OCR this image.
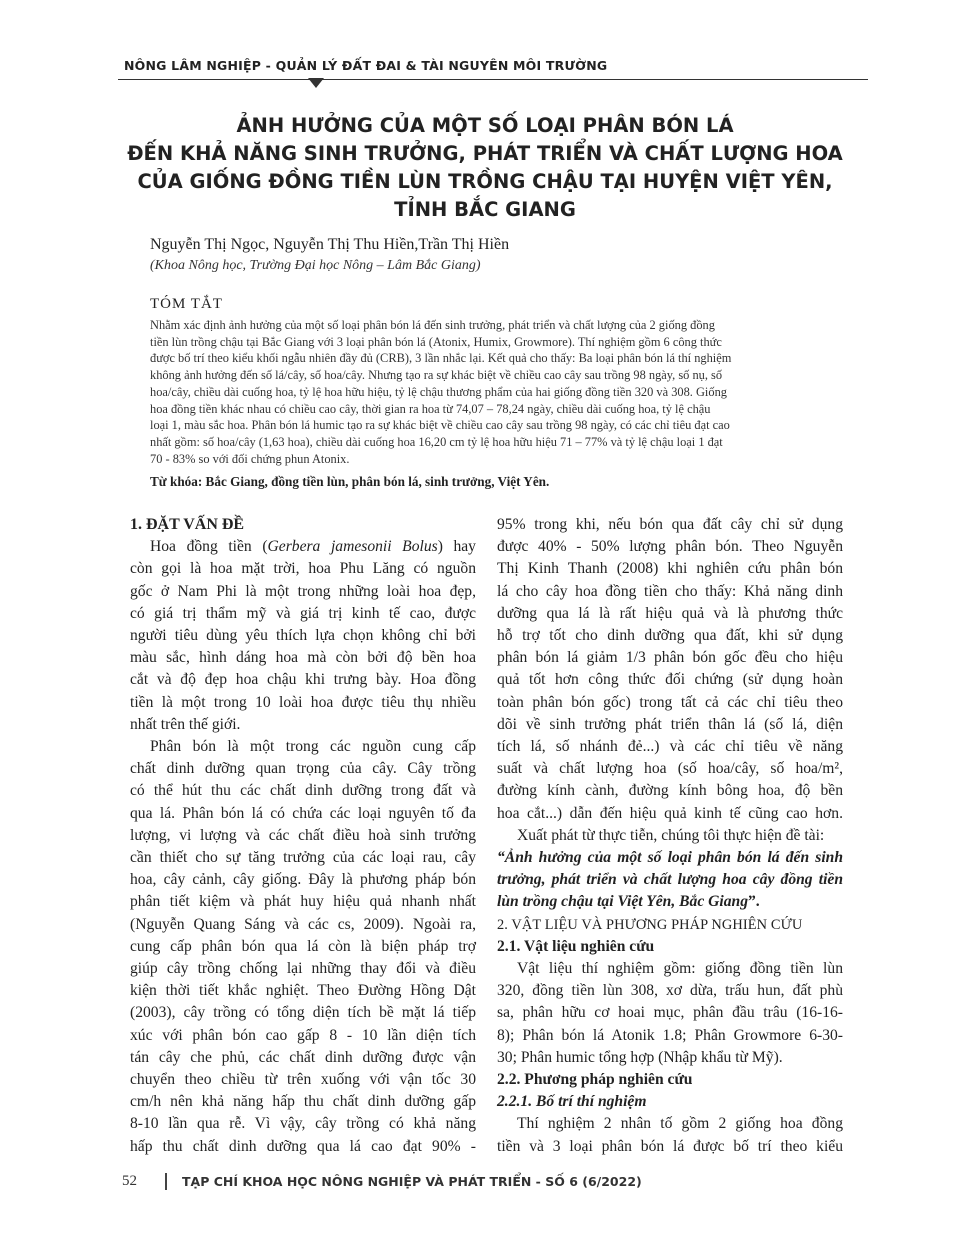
NÔNG LÂM NGHIỆP - QUẢN LÝ ĐẤT ĐAI & TÀI NGUYÊN MÔI TRƯỜNG
ẢNH HƯỞNG CỦA MỘT SỐ LOẠI PHÂN BÓN LÁ
ĐẾN KHẢ NĂNG SINH TRƯỞNG, PHÁT TRIỂN VÀ CHẤT LƯỢNG HOA
CỦA GIỐNG ĐỒNG TIỀN LÙN TRỒNG CHẬU TẠI HUYỆN VIỆT YÊN,
TỈNH BẮC GIANG
Nguyễn Thị Ngọc, Nguyễn Thị Thu Hiền,Trần Thị Hiền
(Khoa Nông học, Trường Đại học Nông – Lâm Bắc Giang)
TÓM TẮT
Nhằm xác định ảnh hưởng của một số loại phân bón lá đến sinh trưởng, phát triển và chất lượng của 2 giống đồng
tiền lùn trồng chậu tại Bắc Giang với 3 loại phân bón lá (Atonix, Humix, Growmore). Thí nghiệm gồm 6 công thức
được bố trí theo kiểu khối ngẫu nhiên đầy đủ (CRB), 3 lần nhắc lại. Kết quả cho thấy: Ba loại phân bón lá thí nghiệm
không ảnh hưởng đến số lá/cây, số hoa/cây. Nhưng tạo ra sự khác biệt về chiều cao cây sau trồng 98 ngày, số nụ, số
hoa/cây, chiều dài cuống hoa, tỷ lệ hoa hữu hiệu, tỷ lệ chậu thương phẩm của hai giống đồng tiền 320 và 308. Giống
hoa đồng tiền khác nhau có chiều cao cây, thời gian ra hoa từ 74,07 – 78,24 ngày, chiều dài cuống hoa, tỷ lệ chậu
loại 1, màu sắc hoa. Phân bón lá humic tạo ra sự khác biệt về chiều cao cây sau trồng 98 ngày, có các chỉ tiêu đạt cao
nhất gồm: số hoa/cây (1,63 hoa), chiều dài cuống hoa 16,20 cm tỷ lệ hoa hữu hiệu 71 – 77% và tỷ lệ chậu loại 1 đạt
70 - 83% so với đối chứng phun Atonix.
Từ khóa: Bắc Giang, đồng tiền lùn, phân bón lá, sinh trưởng, Việt Yên.
1. ĐẶT VẤN ĐỀ
Hoa đồng tiền (Gerbera jamesonii Bolus) hay
còn gọi là hoa mặt trời, hoa Phu Lăng có nguồn
gốc ở Nam Phi là một trong những loài hoa đẹp,
có giá trị thẩm mỹ và giá trị kinh tế cao, được
người tiêu dùng yêu thích lựa chọn không chỉ bởi
màu sắc, hình dáng hoa mà còn bởi độ bền hoa
cắt và độ đẹp hoa chậu khi trưng bày. Hoa đồng
tiền là một trong 10 loài hoa được tiêu thụ nhiều
nhất trên thế giới.
Phân bón là một trong các nguồn cung cấp
chất dinh dưỡng quan trọng của cây. Cây trồng
có thể hút thu các chất dinh dưỡng trong đất và
qua lá. Phân bón lá có chứa các loại nguyên tố đa
lượng, vi lượng và các chất điều hoà sinh trưởng
cần thiết cho sự tăng trưởng của các loại rau, cây
hoa, cây cảnh, cây giống. Đây là phương pháp bón
phân tiết kiệm và phát huy hiệu quả nhanh nhất
(Nguyễn Quang Sáng và các cs, 2009). Ngoài ra,
cung cấp phân bón qua lá còn là biện pháp trợ
giúp cây trồng chống lại những thay đổi và điều
kiện thời tiết khắc nghiệt. Theo Đường Hồng Dật
(2003), cây trồng có tổng diện tích bề mặt lá tiếp
xúc với phân bón cao gấp 8 - 10 lần diện tích
tán cây che phủ, các chất dinh dưỡng được vận
chuyển theo chiều từ trên xuống với vận tốc 30
cm/h nên khả năng hấp thu chất dinh dưỡng gấp
8-10 lần qua rễ. Vì vậy, cây trồng có khả năng
hấp thu chất dinh dưỡng qua lá cao đạt 90% -
95% trong khi, nếu bón qua đất cây chỉ sử dụng
được 40% - 50% lượng phân bón. Theo Nguyễn
Thị Kinh Thanh (2008) khi nghiên cứu phân bón
lá cho cây hoa đồng tiền cho thấy: Khả năng dinh
dưỡng qua lá là rất hiệu quả và là phương thức
hỗ trợ tốt cho dinh dưỡng qua đất, khi sử dụng
phân bón lá giảm 1/3 phân bón gốc đều cho hiệu
quả tốt hơn công thức đối chứng (sử dụng hoàn
toàn phân bón gốc) trong tất cả các chỉ tiêu theo
dõi về sinh trưởng phát triển thân lá (số lá, diện
tích lá, số nhánh đẻ...) và các chỉ tiêu về năng
suất và chất lượng hoa (số hoa/cây, số hoa/m²,
đường kính cành, đường kính bông hoa, độ bền
hoa cắt...) dẫn đến hiệu quả kinh tế cũng cao hơn.
Xuất phát từ thực tiễn, chúng tôi thực hiện đề tài:
“Ảnh hưởng của một số loại phân bón lá đến sinh
trưởng, phát triển và chất lượng hoa cây đồng tiền
lùn trồng chậu tại Việt Yên, Bắc Giang”.
2. VẬT LIỆU VÀ PHƯƠNG PHÁP NGHIÊN CỨU
2.1. Vật liệu nghiên cứu
Vật liệu thí nghiệm gồm: giống đồng tiền lùn
320, đồng tiền lùn 308, xơ dừa, trấu hun, đất phù
sa, phân hữu cơ hoai mục, phân đầu trâu (16-16-
8); Phân bón lá Atonik 1.8; Phân Growmore 6-30-
30; Phân humic tổng hợp (Nhập khẩu từ Mỹ).
2.2. Phương pháp nghiên cứu
2.2.1. Bố trí thí nghiệm
Thí nghiệm 2 nhân tố gồm 2 giống hoa đồng
tiền và 3 loại phân bón lá được bố trí theo kiểu
52	TẠP CHÍ KHOA HỌC NÔNG NGHIỆP VÀ PHÁT TRIỂN - SỐ 6 (6/2022)
